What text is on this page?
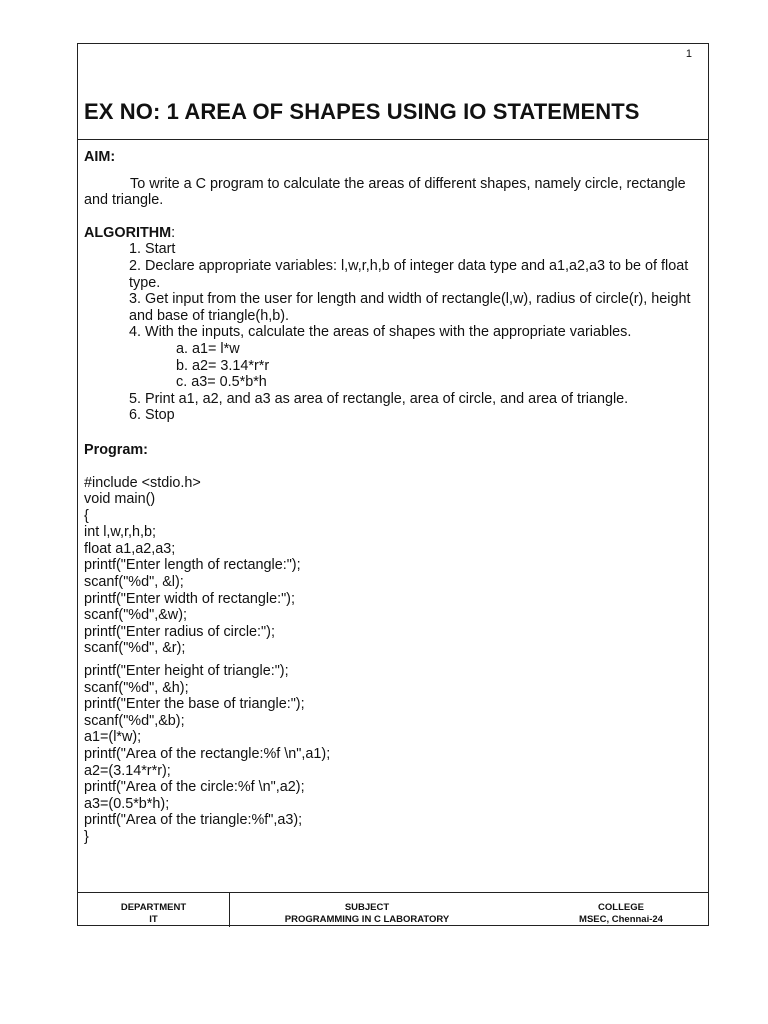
1
EX NO: 1 AREA OF SHAPES USING IO STATEMENTS

AIM:

To write a C program to calculate the areas of different shapes, namely circle, rectangle and triangle.

ALGORITHM:

1. Start
2. Declare appropriate variables: l,w,r,h,b of integer data type and a1,a2,a3 to be of float type.
3. Get input from the user for length and width of rectangle(l,w), radius of circle(r), height and base of triangle(h,b).
4. With the inputs, calculate the areas of shapes with the appropriate variables.
a. a1= l*w
b. a2= 3.14*r*r
c. a3= 0.5*b*h
5. Print a1, a2, and a3 as area of rectangle, area of circle, and area of triangle.
6. Stop

Program:

#include <stdio.h>
void main()
{
int l,w,r,h,b;
float a1,a2,a3;
printf("Enter length of rectangle:");
scanf("%d", &l);
printf("Enter width of rectangle:");
scanf("%d",&w);
printf("Enter radius of circle:");
scanf("%d", &r);
printf("Enter height of triangle:");
scanf("%d", &h);
printf("Enter the base of triangle:");
scanf("%d",&b);
a1=(l*w);
printf("Area of the rectangle:%f \n",a1);
a2=(3.14*r*r);
printf("Area of the circle:%f \n",a2);
a3=(0.5*b*h);
printf("Area of the triangle:%f",a3);
}
DEPARTMENT
IT
SUBJECT
PROGRAMMING IN C LABORATORY
COLLEGE
MSEC, Chennai-24
